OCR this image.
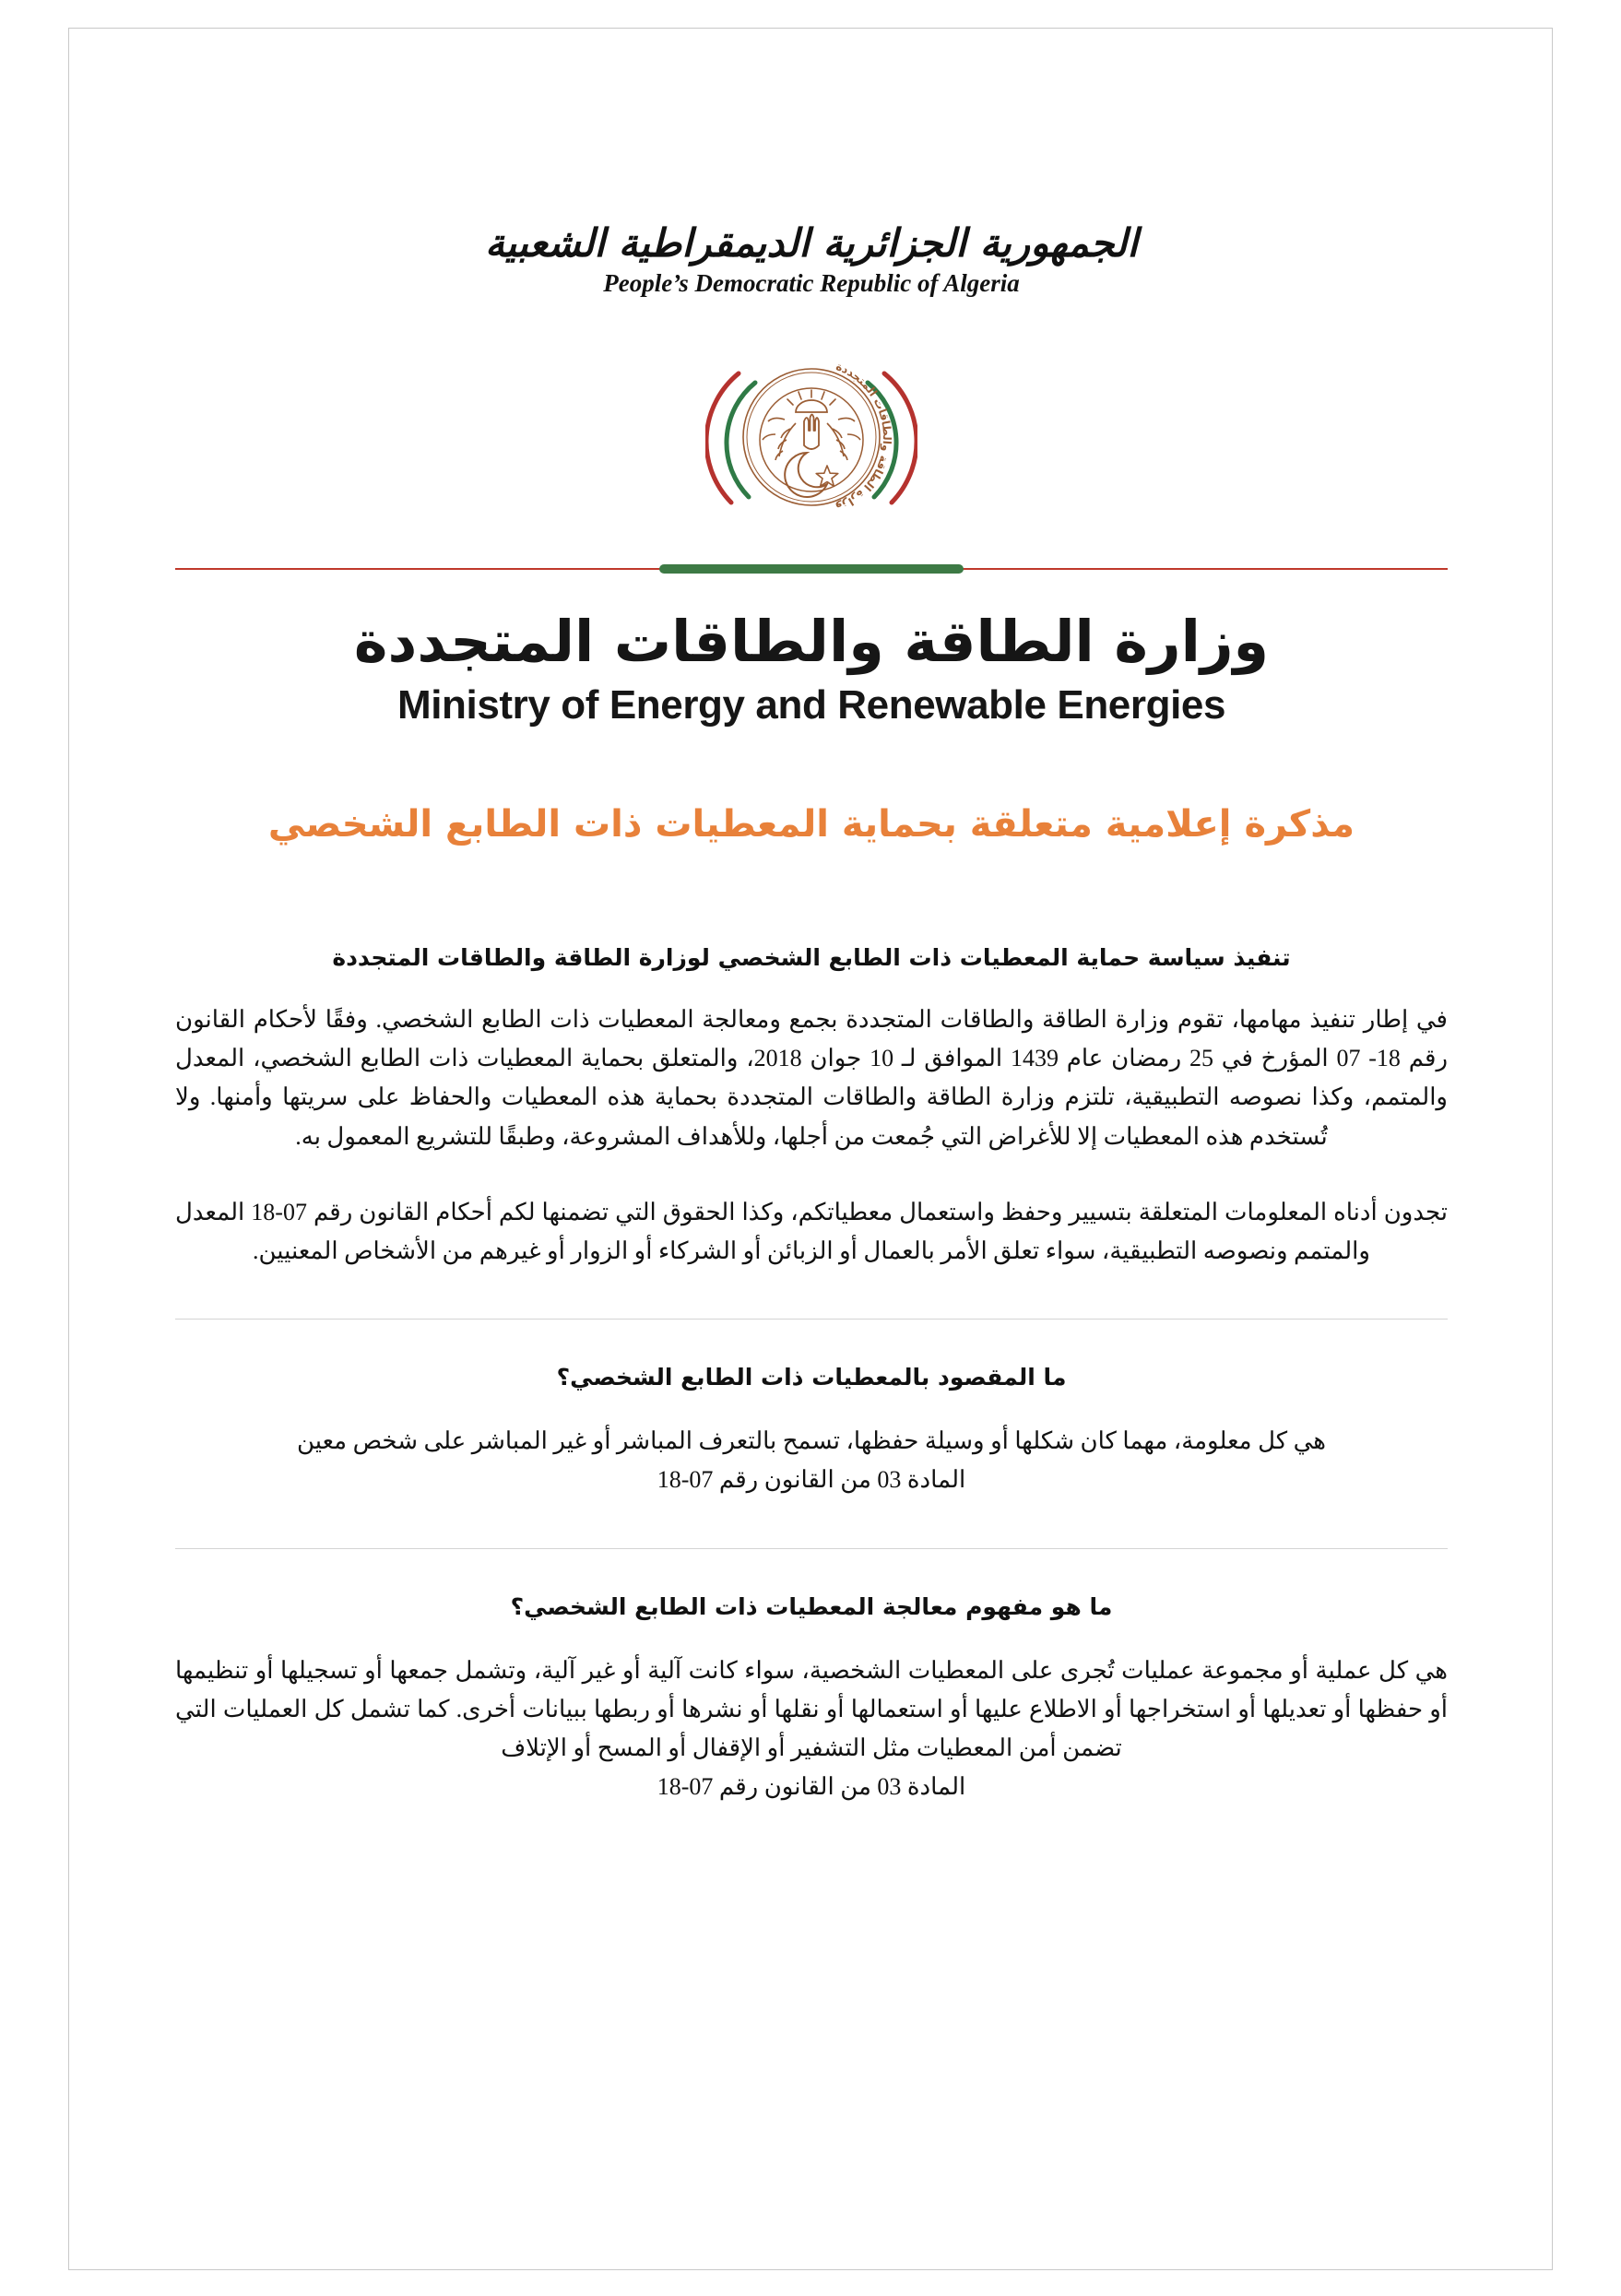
الجمهورية الجزائرية الديمقراطية الشعبية
People’s Democratic Republic of Algeria
وزارة الطاقة والطاقات المتجددة
وزارة الطاقة والطاقات المتجددة
Ministry of Energy and Renewable Energies
مذكرة إعلامية متعلقة بحماية المعطيات ذات الطابع الشخصي
تنفيذ سياسة حماية المعطيات ذات الطابع الشخصي لوزارة الطاقة والطاقات المتجددة
في إطار تنفيذ مهامها، تقوم وزارة الطاقة والطاقات المتجددة بجمع ومعالجة المعطيات ذات الطابع الشخصي. وفقًا لأحكام القانون رقم 18- 07 المؤرخ في 25 رمضان عام 1439 الموافق لـ 10 جوان 2018، والمتعلق بحماية المعطيات ذات الطابع الشخصي، المعدل والمتمم، وكذا نصوصه التطبيقية، تلتزم وزارة الطاقة والطاقات المتجددة بحماية هذه المعطيات والحفاظ على سريتها وأمنها. ولا تُستخدم هذه المعطيات إلا للأغراض التي جُمعت من أجلها، وللأهداف المشروعة، وطبقًا للتشريع المعمول به.
تجدون أدناه المعلومات المتعلقة بتسيير وحفظ واستعمال معطياتكم، وكذا الحقوق التي تضمنها لكم أحكام القانون رقم 07-18 المعدل والمتمم ونصوصه التطبيقية، سواء تعلق الأمر بالعمال أو الزبائن أو الشركاء أو الزوار أو غيرهم من الأشخاص المعنيين.
ما المقصود بالمعطيات ذات الطابع الشخصي؟
هي كل معلومة، مهما كان شكلها أو وسيلة حفظها، تسمح بالتعرف المباشر أو غير المباشر على شخص معين
المادة 03 من القانون رقم 07-18
ما هو مفهوم معالجة المعطيات ذات الطابع الشخصي؟
هي كل عملية أو مجموعة عمليات تُجرى على المعطيات الشخصية، سواء كانت آلية أو غير آلية، وتشمل جمعها أو تسجيلها أو تنظيمها أو حفظها أو تعديلها أو استخراجها أو الاطلاع عليها أو استعمالها أو نقلها أو نشرها أو ربطها ببيانات أخرى. كما تشمل كل العمليات التي تضمن أمن المعطيات مثل التشفير أو الإقفال أو المسح أو الإتلاف
المادة 03 من القانون رقم 07-18
